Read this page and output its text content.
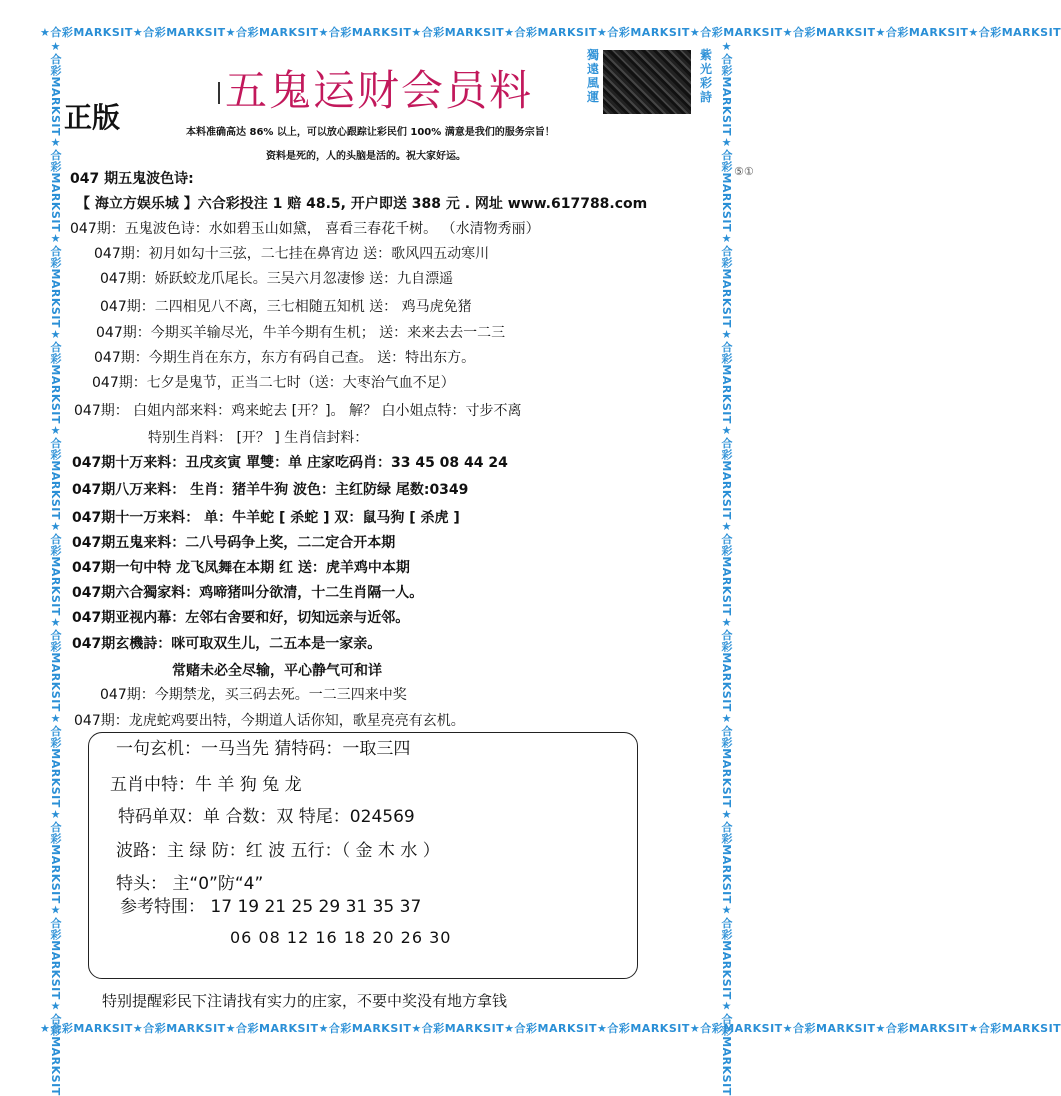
★合彩MARKSIT★合彩MARKSIT★合彩MARKSIT★合彩MARKSIT★合彩MARKSIT★合彩MARKSIT★合彩MARKSIT★合彩MARKSIT★合彩MARKSIT★合彩MARKSIT★合彩MARKSIT
★合彩MARKSIT★合彩MARKSIT★合彩MARKSIT★合彩MARKSIT★合彩MARKSIT★合彩MARKSIT★合彩MARKSIT★合彩MARKSIT★合彩MARKSIT★合彩MARKSIT★合彩MARKSIT
★合彩MARKSIT★合彩MARKSIT★合彩MARKSIT★合彩MARKSIT★合彩MARKSIT★合彩MARKSIT★合彩MARKSIT★合彩MARKSIT★合彩MARKSIT★合彩MARKSIT★合彩MARKSIT	★合彩MARKSIT★合彩MARKSIT★合彩MARKSIT★合彩MARKSIT★合彩MARKSIT★合彩MARKSIT★合彩MARKSIT★合彩MARKSIT★合彩MARKSIT★合彩MARKSIT★合彩MARKSIT
五鬼运财会员料
正版
獨遠風運
紫光彩詩
本料准确高达 86% 以上，可以放心跟踪让彩民们 100% 满意是我们的服务宗旨！
资料是死的，人的头脑是活的。祝大家好运。
⑤①
047 期五鬼波色诗:
【 海立方娱乐城 】六合彩投注 1 赔 48.5, 开户即送 388 元 . 网址 www.617788.com
047期：五鬼波色诗：水如碧玉山如黛， 喜看三春花千树。 （水清物秀丽）
047期：初月如勾十三弦，二七挂在鼻宵边 送：歌风四五动寒川
047期：娇跃蛟龙爪尾长。三吴六月忽凄惨 送：九自漂遥
047期：二四相见八不离，三七相随五知机 送： 鸡马虎免猪
047期：今期买羊输尽光，牛羊今期有生机； 送：来来去去一二三
047期：今期生肖在东方，东方有码自己查。 送：特出东方。
047期：七夕是鬼节，正当二七时（送：大枣治气血不足）
047期： 白姐内部来料：鸡来蛇去 [开？]。 解？ 白小姐点特：寸步不离
特别生肖料： [开？ ] 生肖信封料：
047期十万来料：丑戌亥寅 單雙：单 庄家吃码肖：33 45 08 44 24
047期八万来料： 生肖：猪羊牛狗 波色：主红防绿 尾数:0349
047期十一万来料： 单：牛羊蛇 [ 杀蛇 ] 双：鼠马狗 [ 杀虎 ]
047期五鬼来料：二八号码争上奖，二二定合开本期
047期一句中特 龙飞凤舞在本期 红 送：虎羊鸡中本期
047期六合獨家料：鸡啼猪叫分欲清，十二生肖隔一人。
047期亚视内幕：左邻右舍要和好，切知远亲与近邻。
047期玄機詩：咪可取双生儿，二五本是一家亲。
常赌未必全尽输，平心静气可和详
047期：今期禁龙，买三码去死。一二三四来中奖
047期：龙虎蛇鸡要出特，今期道人话你知，歌星亮亮有玄机。
一句玄机：一马当先 猜特码：一取三四
五肖中特：牛 羊 狗 兔 龙
特码单双：单 合数：双 特尾：024569
波路：主 绿 防：红 波 五行：（ 金 木 水 ）
特头： 主“0”防“4”
参考特围： 17 19 21 25 29 31 35 37
06 08 12 16 18 20 26 30
特别提醒彩民下注请找有实力的庄家，不要中奖没有地方拿钱
